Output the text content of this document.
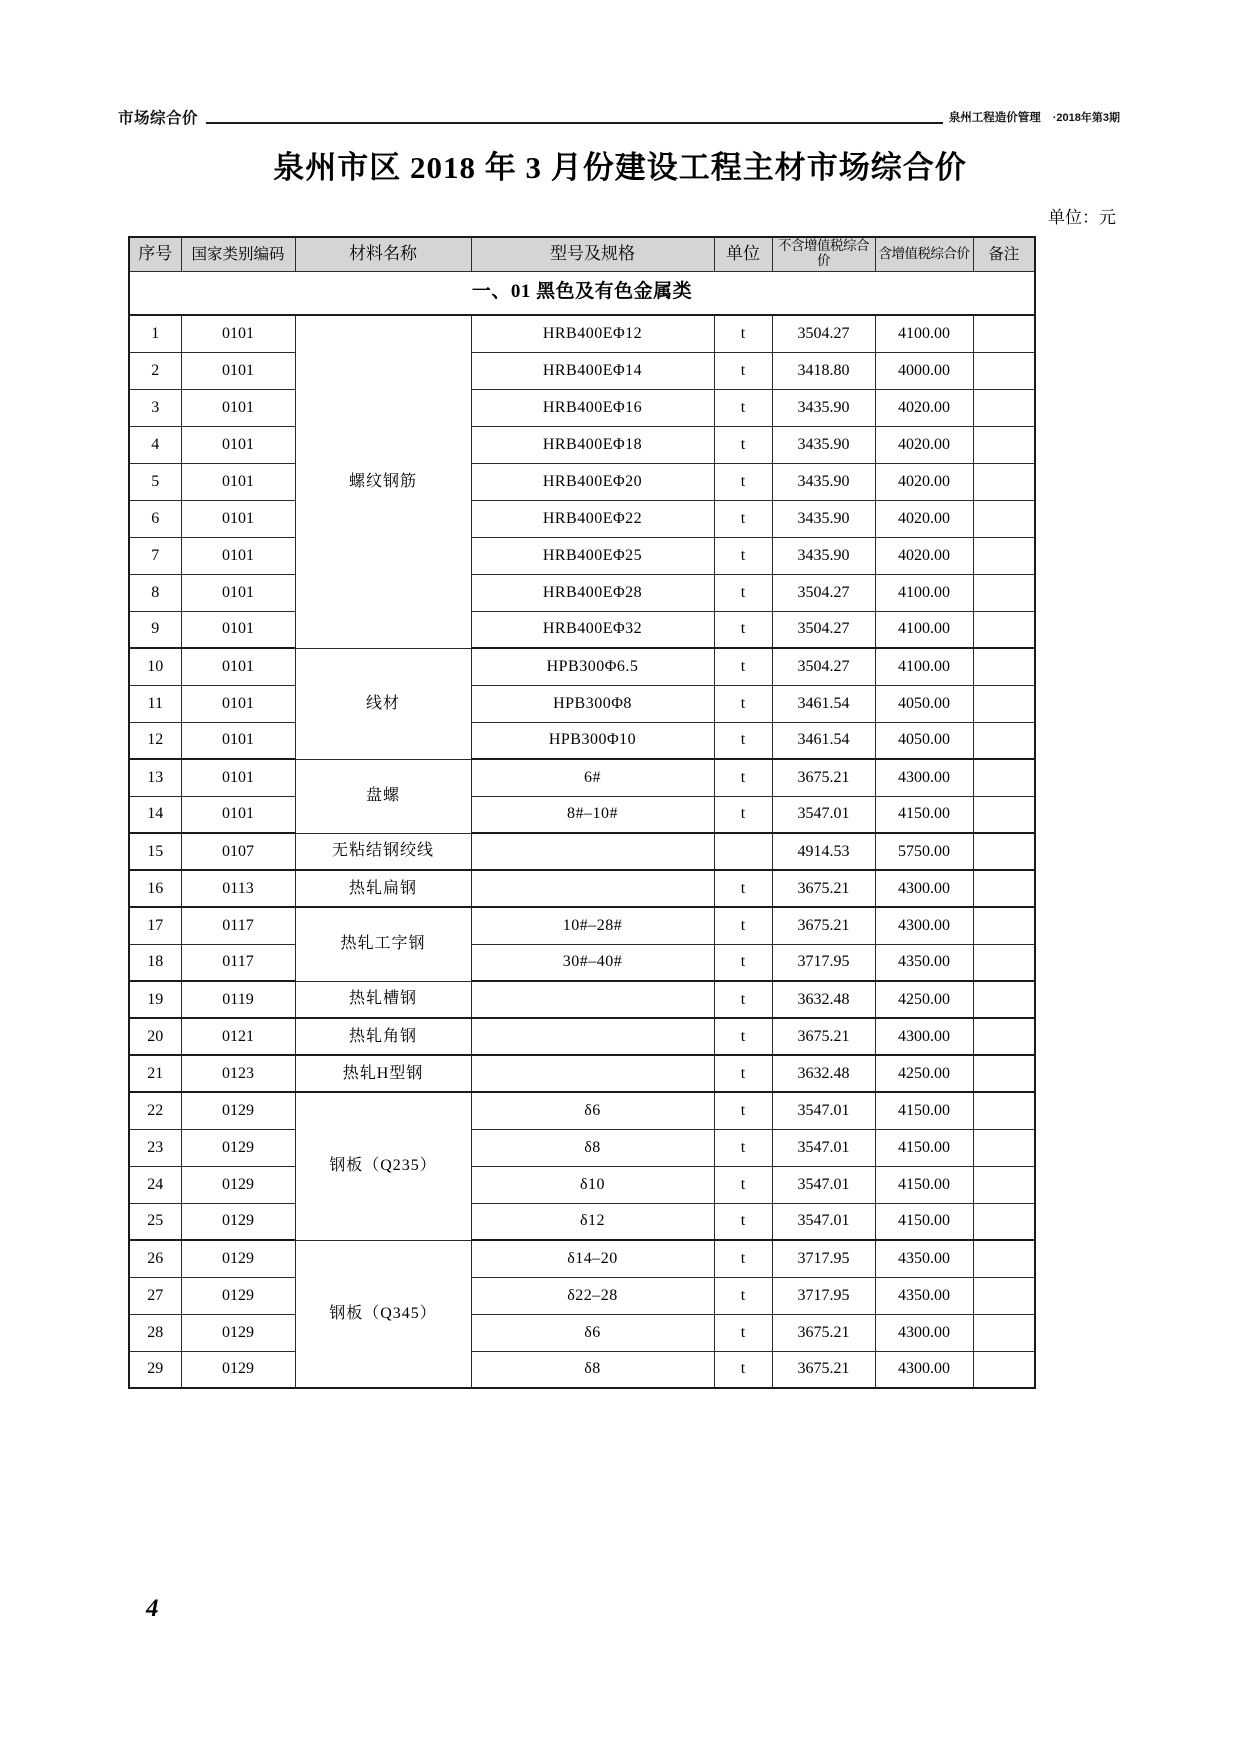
市场综合价	泉州工程造价管理 ·2018年第3期
泉州市区 2018 年 3 月份建设工程主材市场综合价
单位：元
序号	国家类别编码	材料名称	型号及规格	单位	不含增值税综合价	含增值税综合价	备注
一、01 黑色及有色金属类							
1	0101	螺纹钢筋	HRB400EΦ12	t	3504.27	4100.00	
2	0101		HRB400EΦ14	t	3418.80	4000.00	
3	0101		HRB400EΦ16	t	3435.90	4020.00	
4	0101		HRB400EΦ18	t	3435.90	4020.00	
5	0101		HRB400EΦ20	t	3435.90	4020.00	
6	0101		HRB400EΦ22	t	3435.90	4020.00	
7	0101		HRB400EΦ25	t	3435.90	4020.00	
8	0101		HRB400EΦ28	t	3504.27	4100.00	
9	0101		HRB400EΦ32	t	3504.27	4100.00	
10	0101	线材	HPB300Φ6.5	t	3504.27	4100.00	
11	0101		HPB300Φ8	t	3461.54	4050.00	
12	0101		HPB300Φ10	t	3461.54	4050.00	
13	0101	盘螺	6#	t	3675.21	4300.00	
14	0101		8#–10#	t	3547.01	4150.00	
15	0107	无粘结钢绞线			4914.53	5750.00	
16	0113	热轧扁钢		t	3675.21	4300.00	
17	0117	热轧工字钢	10#–28#	t	3675.21	4300.00	
18	0117		30#–40#	t	3717.95	4350.00	
19	0119	热轧槽钢		t	3632.48	4250.00	
20	0121	热轧角钢		t	3675.21	4300.00	
21	0123	热轧H型钢		t	3632.48	4250.00	
22	0129	钢板（Q235）	δ6	t	3547.01	4150.00	
23	0129		δ8	t	3547.01	4150.00	
24	0129		δ10	t	3547.01	4150.00	
25	0129		δ12	t	3547.01	4150.00	
26	0129	钢板（Q345）	δ14–20	t	3717.95	4350.00	
27	0129		δ22–28	t	3717.95	4350.00	
28	0129		δ6	t	3675.21	4300.00	
29	0129		δ8	t	3675.21	4300.00	
4
